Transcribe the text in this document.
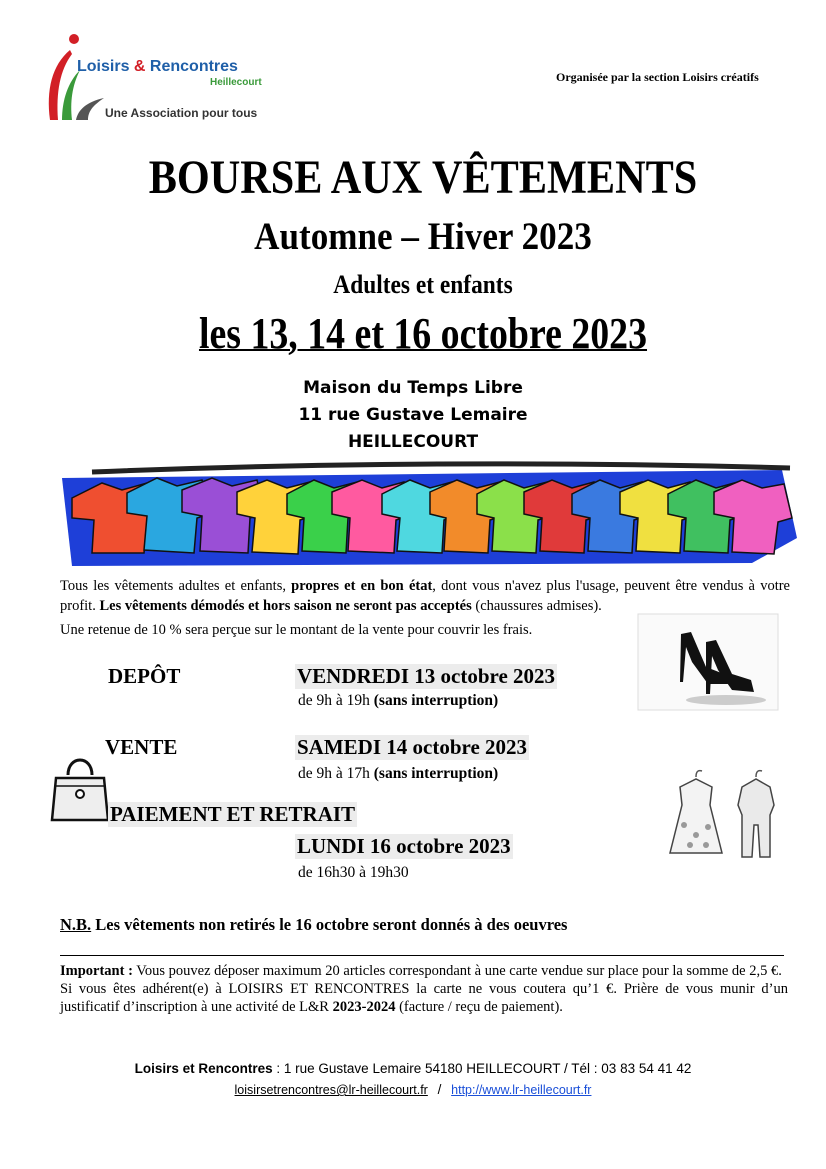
Loisirs & Rencontres
Heillecourt
Une Association pour tous
Organisée par la section Loisirs créatifs
BOURSE AUX VÊTEMENTS
Automne – Hiver 2023
Adultes et enfants
les 13, 14 et 16 octobre 2023
Maison du Temps Libre
11 rue Gustave Lemaire
HEILLECOURT
Tous les vêtements adultes et enfants, propres et en bon état, dont vous n'avez plus l'usage, peuvent être vendus à votre profit. Les vêtements démodés et hors saison ne seront pas acceptés (chaussures admises).
Une retenue de 10 % sera perçue sur le montant de la vente pour couvrir les frais.
DEPÔT	VENDREDI 13 octobre 2023
de 9h à 19h (sans interruption)
VENTE	SAMEDI 14 octobre 2023
de 9h à 17h (sans interruption)
PAIEMENT ET RETRAIT
LUNDI 16 octobre 2023
de 16h30 à 19h30
N.B. Les vêtements non retirés le 16 octobre seront donnés à des oeuvres
Important : Vous pouvez déposer maximum 20 articles correspondant à une carte vendue sur place pour la somme de 2,5 €.
Si vous êtes adhérent(e) à LOISIRS ET RENCONTRES la carte ne vous coutera qu’1 €. Prière de vous munir d’un justificatif d’inscription à une activité de L&R 2023-2024 (facture / reçu de paiement).
Loisirs et Rencontres : 1 rue Gustave Lemaire 54180 HEILLECOURT / Tél : 03 83 54 41 42
loisirsetrencontres@lr-heillecourt.fr / http://www.lr-heillecourt.fr
